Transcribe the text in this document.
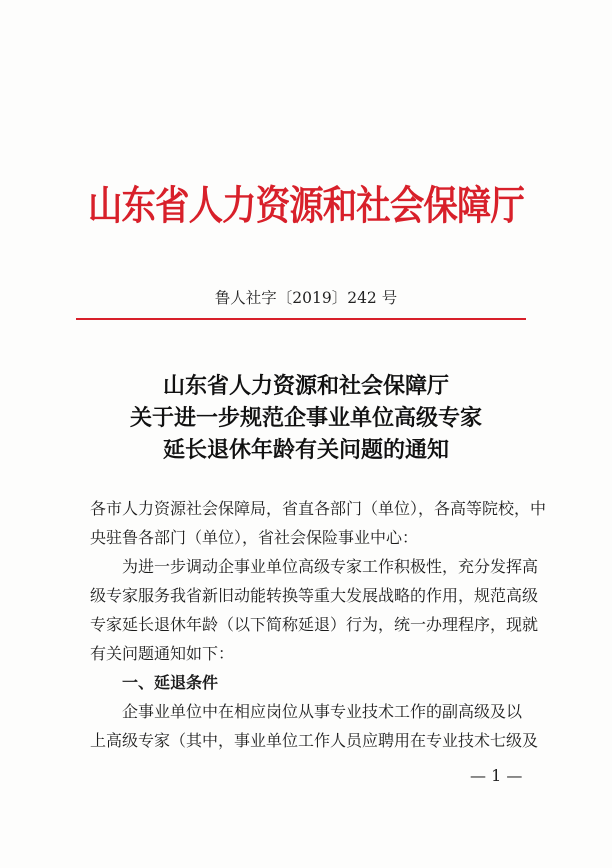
山东省人力资源和社会保障厅
鲁人社字〔2019〕242 号
山东省人力资源和社会保障厅
关于进一步规范企事业单位高级专家
延长退休年龄有关问题的通知
各市人力资源社会保障局，省直各部门（单位），各高等院校，中
央驻鲁各部门（单位），省社会保险事业中心：
为进一步调动企事业单位高级专家工作积极性，充分发挥高
级专家服务我省新旧动能转换等重大发展战略的作用，规范高级
专家延长退休年龄（以下简称延退）行为，统一办理程序，现就
有关问题通知如下：
一、延退条件
企事业单位中在相应岗位从事专业技术工作的副高级及以
上高级专家（其中，事业单位工作人员应聘用在专业技术七级及
— 1 —
